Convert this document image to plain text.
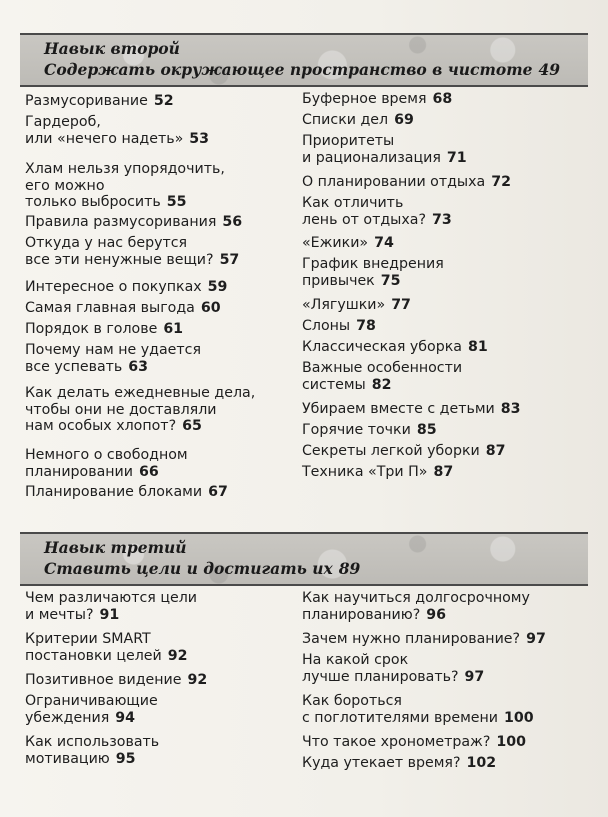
Навык второй
Содержать окружающее пространство в чистоте 49
Размусоривание 52
Гардероб,
или «нечего надеть» 53
Хлам нельзя упорядочить,
его можно
только выбросить 55
Правила размусоривания 56
Откуда у нас берутся
все эти ненужные вещи? 57
Интересное о покупках 59
Самая главная выгода 60
Порядок в голове 61
Почему нам не удается
все успевать 63
Как делать ежедневные дела,
чтобы они не доставляли
нам особых хлопот? 65
Немного о свободном
планировании 66
Планирование блоками 67
Буферное время 68
Списки дел 69
Приоритеты
и рационализация 71
О планировании отдыха 72
Как отличить
лень от отдыха? 73
«Ежики» 74
График внедрения
привычек 75
«Лягушки» 77
Слоны 78
Классическая уборка 81
Важные особенности
системы 82
Убираем вместе с детьми 83
Горячие точки 85
Секреты легкой уборки 87
Техника «Три П» 87
Навык третий
Ставить цели и достигать их 89
Чем различаются цели
и мечты? 91
Критерии SMART
постановки целей 92
Позитивное видение 92
Ограничивающие
убеждения 94
Как использовать
мотивацию 95
Как научиться долгосрочному
планированию? 96
Зачем нужно планирование? 97
На какой срок
лучше планировать? 97
Как бороться
с поглотителями времени 100
Что такое хронометраж? 100
Куда утекает время? 102
